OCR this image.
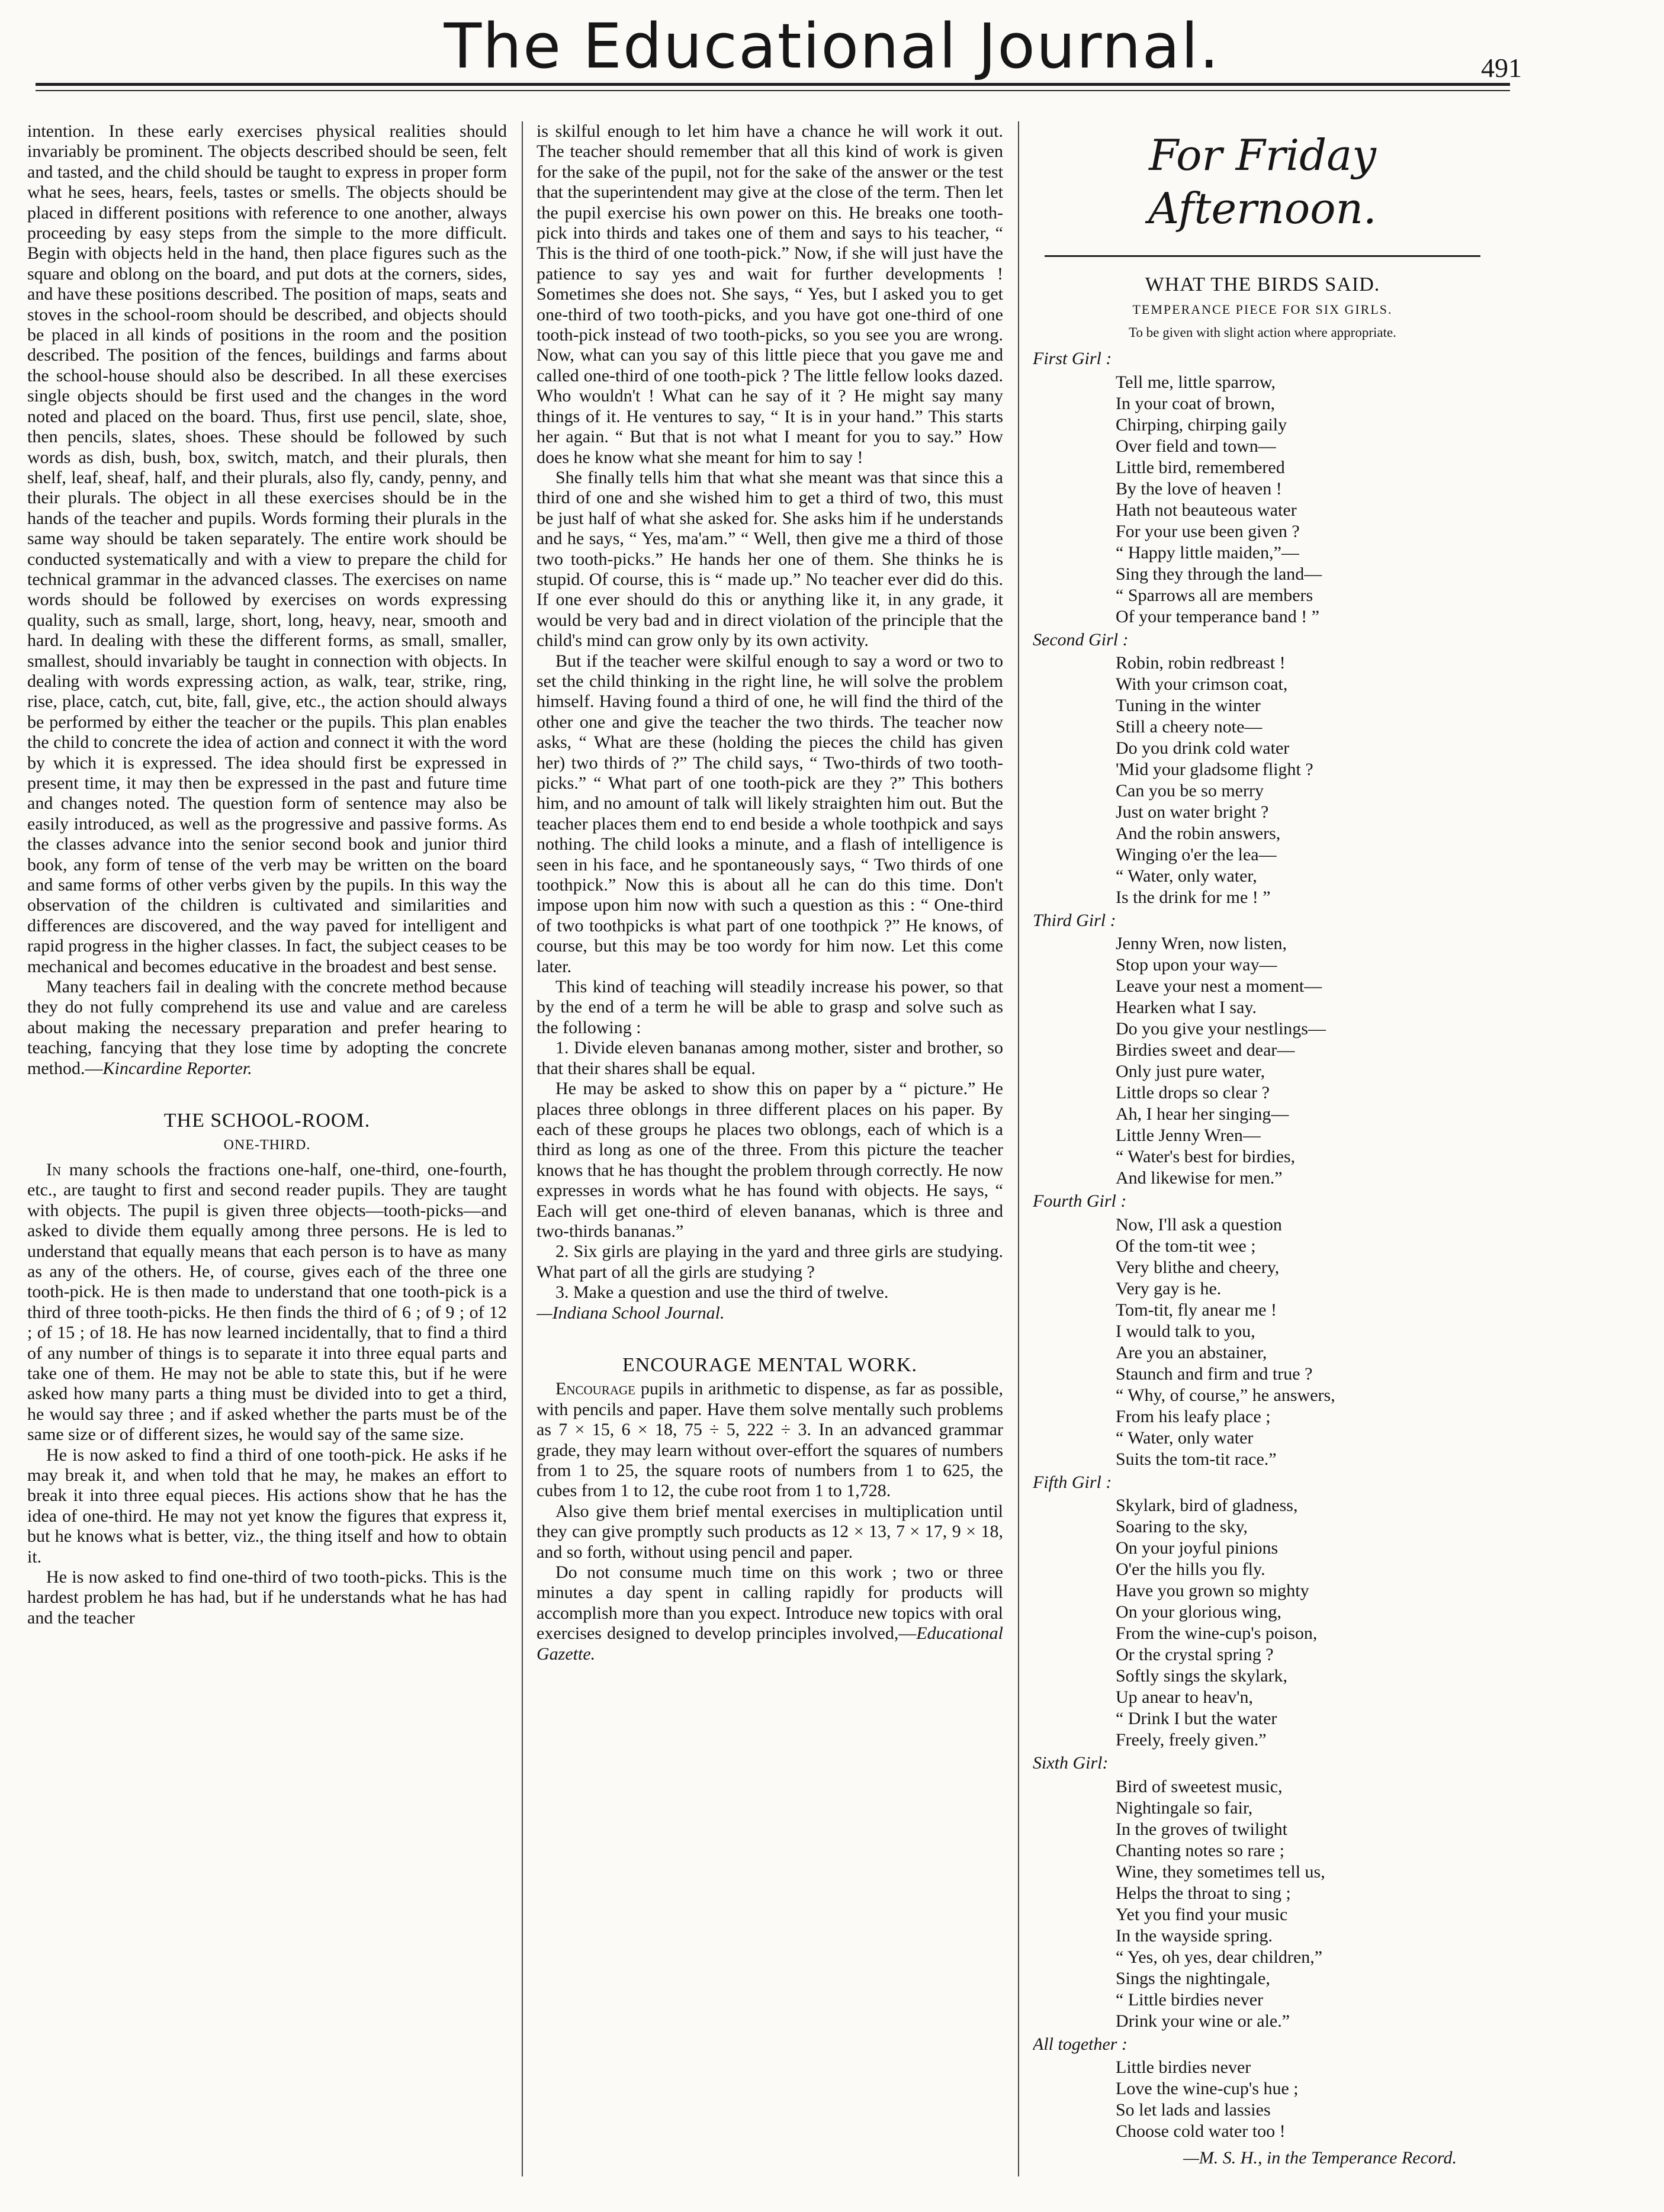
The Educational Journal.	491

intention. In these early exercises physical realities should invariably be prominent. The objects described should be seen, felt and tasted, and the child should be taught to express in proper form what he sees, hears, feels, tastes or smells. The objects should be placed in different positions with reference to one another, always proceeding by easy steps from the simple to the more difficult. Begin with objects held in the hand, then place figures such as the square and oblong on the board, and put dots at the corners, sides, and have these positions described. The position of maps, seats and stoves in the school-room should be described, and objects should be placed in all kinds of positions in the room and the position described. The position of the fences, buildings and farms about the school-house should also be described. In all these exercises single objects should be first used and the changes in the word noted and placed on the board. Thus, first use pencil, slate, shoe, then pencils, slates, shoes. These should be followed by such words as dish, bush, box, switch, match, and their plurals, then shelf, leaf, sheaf, half, and their plurals, also fly, candy, penny, and their plurals. The object in all these exercises should be in the hands of the teacher and pupils. Words forming their plurals in the same way should be taken separately. The entire work should be conducted systematically and with a view to prepare the child for technical grammar in the advanced classes. The exercises on name words should be followed by exercises on words expressing quality, such as small, large, short, long, heavy, near, smooth and hard. In dealing with these the different forms, as small, smaller, smallest, should invariably be taught in connection with objects. In dealing with words expressing action, as walk, tear, strike, ring, rise, place, catch, cut, bite, fall, give, etc., the action should always be performed by either the teacher or the pupils. This plan enables the child to concrete the idea of action and connect it with the word by which it is expressed. The idea should first be expressed in present time, it may then be expressed in the past and future time and changes noted. The question form of sentence may also be easily introduced, as well as the progressive and passive forms. As the classes advance into the senior second book and junior third book, any form of tense of the verb may be written on the board and same forms of other verbs given by the pupils. In this way the observation of the children is cultivated and similarities and differences are discovered, and the way paved for intelligent and rapid progress in the higher classes. In fact, the subject ceases to be mechanical and becomes educative in the broadest and best sense.

Many teachers fail in dealing with the concrete method because they do not fully comprehend its use and value and are careless about making the necessary preparation and prefer hearing to teaching, fancying that they lose time by adopting the concrete method.—Kincardine Reporter.

THE SCHOOL-ROOM.
ONE-THIRD.

In many schools the fractions one-half, one-third, one-fourth, etc., are taught to first and second reader pupils. They are taught with objects. The pupil is given three objects—tooth-picks—and asked to divide them equally among three persons. He is led to understand that equally means that each person is to have as many as any of the others. He, of course, gives each of the three one tooth-pick. He is then made to understand that one tooth-pick is a third of three tooth-picks. He then finds the third of 6 ; of 9 ; of 12 ; of 15 ; of 18. He has now learned incidentally, that to find a third of any number of things is to separate it into three equal parts and take one of them. He may not be able to state this, but if he were asked how many parts a thing must be divided into to get a third, he would say three ; and if asked whether the parts must be of the same size or of different sizes, he would say of the same size.

He is now asked to find a third of one tooth-pick. He asks if he may break it, and when told that he may, he makes an effort to break it into three equal pieces. His actions show that he has the idea of one-third. He may not yet know the figures that express it, but he knows what is better, viz., the thing itself and how to obtain it.

He is now asked to find one-third of two tooth-picks. This is the hardest problem he has had, but if he understands what he has had and the teacher

is skilful enough to let him have a chance he will work it out. The teacher should remember that all this kind of work is given for the sake of the pupil, not for the sake of the answer or the test that the superintendent may give at the close of the term. Then let the pupil exercise his own power on this. He breaks one tooth-pick into thirds and takes one of them and says to his teacher, “ This is the third of one tooth-pick.” Now, if she will just have the patience to say yes and wait for further developments ! Sometimes she does not. She says, “ Yes, but I asked you to get one-third of two tooth-picks, and you have got one-third of one tooth-pick instead of two tooth-picks, so you see you are wrong. Now, what can you say of this little piece that you gave me and called one-third of one tooth-pick ? The little fellow looks dazed. Who wouldn't ! What can he say of it ? He might say many things of it. He ventures to say, “ It is in your hand.” This starts her again. “ But that is not what I meant for you to say.” How does he know what she meant for him to say !

She finally tells him that what she meant was that since this a third of one and she wished him to get a third of two, this must be just half of what she asked for. She asks him if he understands and he says, “ Yes, ma'am.” “ Well, then give me a third of those two tooth-picks.” He hands her one of them. She thinks he is stupid. Of course, this is “ made up.” No teacher ever did do this. If one ever should do this or anything like it, in any grade, it would be very bad and in direct violation of the principle that the child's mind can grow only by its own activity.

But if the teacher were skilful enough to say a word or two to set the child thinking in the right line, he will solve the problem himself. Having found a third of one, he will find the third of the other one and give the teacher the two thirds. The teacher now asks, “ What are these (holding the pieces the child has given her) two thirds of ?” The child says, “ Two-thirds of two tooth-picks.” “ What part of one tooth-pick are they ?” This bothers him, and no amount of talk will likely straighten him out. But the teacher places them end to end beside a whole toothpick and says nothing. The child looks a minute, and a flash of intelligence is seen in his face, and he spontaneously says, “ Two thirds of one toothpick.” Now this is about all he can do this time. Don't impose upon him now with such a question as this : “ One-third of two toothpicks is what part of one toothpick ?” He knows, of course, but this may be too wordy for him now. Let this come later.

This kind of teaching will steadily increase his power, so that by the end of a term he will be able to grasp and solve such as the following :

1. Divide eleven bananas among mother, sister and brother, so that their shares shall be equal.

He may be asked to show this on paper by a “ picture.” He places three oblongs in three different places on his paper. By each of these groups he places two oblongs, each of which is a third as long as one of the three. From this picture the teacher knows that he has thought the problem through correctly. He now expresses in words what he has found with objects. He says, “ Each will get one-third of eleven bananas, which is three and two-thirds bananas.”

2. Six girls are playing in the yard and three girls are studying. What part of all the girls are studying ?

3. Make a question and use the third of twelve.

—Indiana School Journal.

ENCOURAGE MENTAL WORK.

Encourage pupils in arithmetic to dispense, as far as possible, with pencils and paper. Have them solve mentally such problems as 7 × 15, 6 × 18, 75 ÷ 5, 222 ÷ 3. In an advanced grammar grade, they may learn without over-effort the squares of numbers from 1 to 25, the square roots of numbers from 1 to 625, the cubes from 1 to 12, the cube root from 1 to 1,728.

Also give them brief mental exercises in multiplication until they can give promptly such products as 12 × 13, 7 × 17, 9 × 18, and so forth, without using pencil and paper.

Do not consume much time on this work ; two or three minutes a day spent in calling rapidly for products will accomplish more than you expect. Introduce new topics with oral exercises designed to develop principles involved,—Educational Gazette.

For Friday Afternoon.
WHAT THE BIRDS SAID.
TEMPERANCE PIECE FOR SIX GIRLS.
To be given with slight action where appropriate.
First Girl :
Tell me, little sparrow,
In your coat of brown,
Chirping, chirping gaily
Over field and town—
Little bird, remembered
By the love of heaven !
Hath not beauteous water
For your use been given ?
“ Happy little maiden,”—
Sing they through the land—
“ Sparrows all are members
Of your temperance band ! ”
Second Girl :
Robin, robin redbreast !
With your crimson coat,
Tuning in the winter
Still a cheery note—
Do you drink cold water
'Mid your gladsome flight ?
Can you be so merry
Just on water bright ?
And the robin answers,
Winging o'er the lea—
“ Water, only water,
Is the drink for me ! ”
Third Girl :
Jenny Wren, now listen,
Stop upon your way—
Leave your nest a moment—
Hearken what I say.
Do you give your nestlings—
Birdies sweet and dear—
Only just pure water,
Little drops so clear ?
Ah, I hear her singing—
Little Jenny Wren—
“ Water's best for birdies,
And likewise for men.”
Fourth Girl :
Now, I'll ask a question
Of the tom-tit wee ;
Very blithe and cheery,
Very gay is he.
Tom-tit, fly anear me !
I would talk to you,
Are you an abstainer,
Staunch and firm and true ?
“ Why, of course,” he answers,
From his leafy place ;
“ Water, only water
Suits the tom-tit race.”
Fifth Girl :
Skylark, bird of gladness,
Soaring to the sky,
On your joyful pinions
O'er the hills you fly.
Have you grown so mighty
On your glorious wing,
From the wine-cup's poison,
Or the crystal spring ?
Softly sings the skylark,
Up anear to heav'n,
“ Drink I but the water
Freely, freely given.”
Sixth Girl:
Bird of sweetest music,
Nightingale so fair,
In the groves of twilight
Chanting notes so rare ;
Wine, they sometimes tell us,
Helps the throat to sing ;
Yet you find your music
In the wayside spring.
“ Yes, oh yes, dear children,”
Sings the nightingale,
“ Little birdies never
Drink your wine or ale.”
All together :
Little birdies never
Love the wine-cup's hue ;
So let lads and lassies
Choose cold water too !
—M. S. H., in the Temperance Record.
